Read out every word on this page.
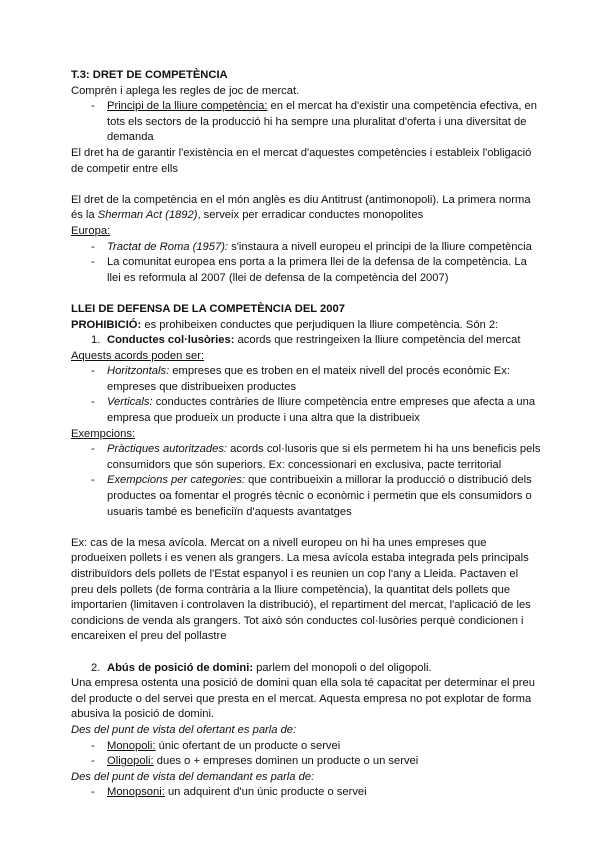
T.3: DRET DE COMPETÈNCIA

Comprén i aplega les regles de joc de mercat.

- Principi de la lliure competència: en el mercat ha d'existir una competència efectiva, en tots els sectors de la producció hi ha sempre una pluralitat d'oferta i una diversitat de demanda

El dret ha de garantir l'existència en el mercat d'aquestes competències i estableix l'obligació de competir entre ells

El dret de la competència en el món anglès es diu Antitrust (antimonopoli). La primera norma és la Sherman Act (1892), serveix per erradicar conductes monopolites

Europa:

- Tractat de Roma (1957): s'instaura a nivell europeu el principi de la lliure competència

- La comunitat europea ens porta a la primera llei de la defensa de la competència. La llei es reformula al 2007 (llei de defensa de la competència del 2007)

LLEI DE DEFENSA DE LA COMPETÈNCIA DEL 2007

PROHIBICIÓ: es prohibeixen conductes que perjudiquen la lliure competència. Són 2:

1. Conductes col·lusòries: acords que restringeixen la lliure competència del mercat

Aquests acords poden ser:

- Horitzontals: empreses que es troben en el mateix nivell del procés econòmic Ex: empreses que distribueixen productes

- Verticals: conductes contràries de lliure competència entre empreses que afecta a una empresa que produeix un producte i una altra que la distribueix

Exempcions:

- Pràctiques autoritzades: acords col·lusoris que si els permetem hi ha uns beneficis pels consumidors que són superiors. Ex: concessionari en exclusiva, pacte territorial

- Exempcions per categories: que contribueixin a millorar la producció o distribució dels productes oa fomentar el progrés tècnic o econòmic i permetin que els consumidors o usuaris també es beneficiïn d'aquests avantatges

Ex: cas de la mesa avícola. Mercat on a nivell europeu on hi ha unes empreses que produeixen pollets i es venen als grangers. La mesa avícola estaba integrada pels principals distribuïdors dels pollets de l'Estat espanyol i es reunien un cop l'any a Lleida. Pactaven el preu dels pollets (de forma contrària a la lliure competència), la quantitat dels pollets que importarien (limitaven i controlaven la distribució), el repartiment del mercat, l'aplicació de les condicions de venda als grangers. Tot això són conductes col·lusòries perquè condicionen i encareixen el preu del pollastre

2. Abús de posició de domini: parlem del monopoli o del oligopoli.

Una empresa ostenta una posició de domini quan ella sola té capacitat per determinar el preu del producte o del servei que presta en el mercat. Aquesta empresa no pot explotar de forma abusiva la posició de domini.

Des del punt de vista del ofertant es parla de:

- Monopoli: únic ofertant de un producte o servei

- Oligopoli: dues o + empreses dominen un producte o un servei

Des del punt de vista del demandant es parla de:

- Monopsoni: un adquirent d'un únic producte o servei
